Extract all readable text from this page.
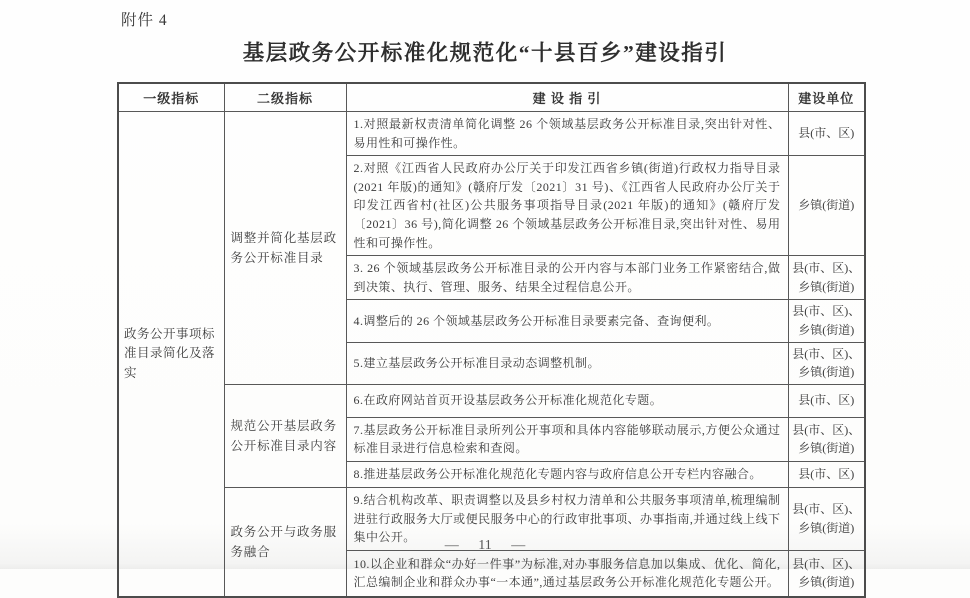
附件 4
基层政务公开标准化规范化“十县百乡”建设指引
一级指标	二级指标	建 设 指 引	建设单位
政务公开事项标准目录简化及落实	调整并简化基层政务公开标准目录	1.对照最新权责清单简化调整 26 个领域基层政务公开标准目录,突出针对性、易用性和可操作性。	县(市、区)
		2.对照《江西省人民政府办公厅关于印发江西省乡镇(街道)行政权力指导目录(2021 年版)的通知》(赣府厅发〔2021〕31 号)、《江西省人民政府办公厅关于印发江西省村(社区)公共服务事项指导目录(2021 年版)的通知》(赣府厅发〔2021〕36 号),简化调整 26 个领域基层政务公开标准目录,突出针对性、易用性和可操作性。	乡镇(街道)
		3. 26 个领域基层政务公开标准目录的公开内容与本部门业务工作紧密结合,做到决策、执行、管理、服务、结果全过程信息公开。	县(市、区)、乡镇(街道)
		4.调整后的 26 个领域基层政务公开标准目录要素完备、查询便利。	县(市、区)、乡镇(街道)
		5.建立基层政务公开标准目录动态调整机制。	县(市、区)、乡镇(街道)
	规范公开基层政务公开标准目录内容	6.在政府网站首页开设基层政务公开标准化规范化专题。	县(市、区)
		7.基层政务公开标准目录所列公开事项和具体内容能够联动展示,方便公众通过标准目录进行信息检索和查阅。	县(市、区)、乡镇(街道)
		8.推进基层政务公开标准化规范化专题内容与政府信息公开专栏内容融合。	县(市、区)
	政务公开与政务服务融合	9.结合机构改革、职责调整以及县乡村权力清单和公共服务事项清单,梳理编制进驻行政服务大厅或便民服务中心的行政审批事项、办事指南,并通过线上线下集中公开。	县(市、区)、乡镇(街道)
		10.以企业和群众“办好一件事”为标准,对办事服务信息加以集成、优化、简化,汇总编制企业和群众办事“一本通”,通过基层政务公开标准化规范化专题公开。	县(市、区)、乡镇(街道)
— 11 —
